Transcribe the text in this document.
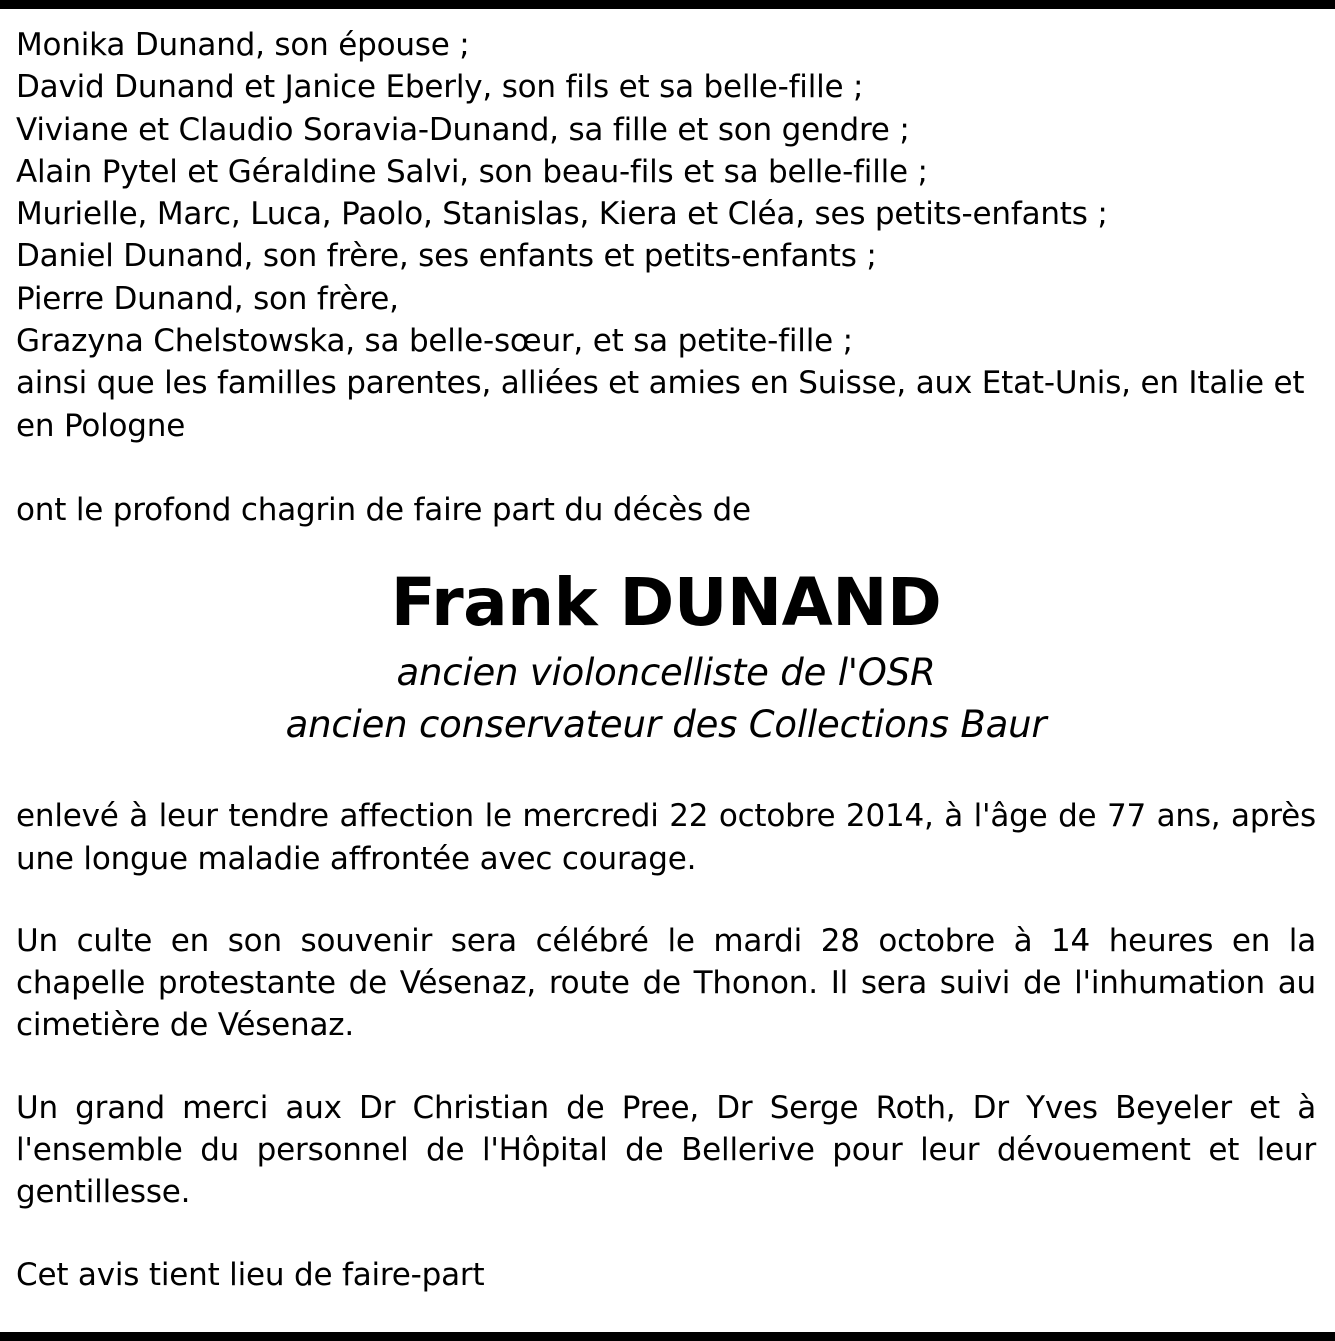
Monika Dunand, son épouse ;
David Dunand et Janice Eberly, son fils et sa belle-fille ;
Viviane et Claudio Soravia-Dunand, sa fille et son gendre ;
Alain Pytel et Géraldine Salvi, son beau-fils et sa belle-fille ;
Murielle, Marc, Luca, Paolo, Stanislas, Kiera et Cléa, ses petits-enfants ;
Daniel Dunand, son frère, ses enfants et petits-enfants ;
Pierre Dunand, son frère,
Grazyna Chelstowska, sa belle-sœur, et sa petite-fille ;
ainsi que les familles parentes, alliées et amies en Suisse, aux Etat-Unis, en Italie et en Pologne
ont le profond chagrin de faire part du décès de
Frank DUNAND
ancien violoncelliste de l'OSR
ancien conservateur des Collections Baur
enlevé à leur tendre affection le mercredi 22 octobre 2014, à l'âge de 77 ans, après une longue maladie affrontée avec courage.
Un culte en son souvenir sera célébré le mardi 28 octobre à 14 heures en la chapelle protestante de Vésenaz, route de Thonon. Il sera suivi de l'inhumation au cimetière de Vésenaz.
Un grand merci aux Dr Christian de Pree, Dr Serge Roth, Dr Yves Beyeler et à l'ensemble du personnel de l'Hôpital de Bellerive pour leur dévouement et leur gentillesse.
Cet avis tient lieu de faire-part
